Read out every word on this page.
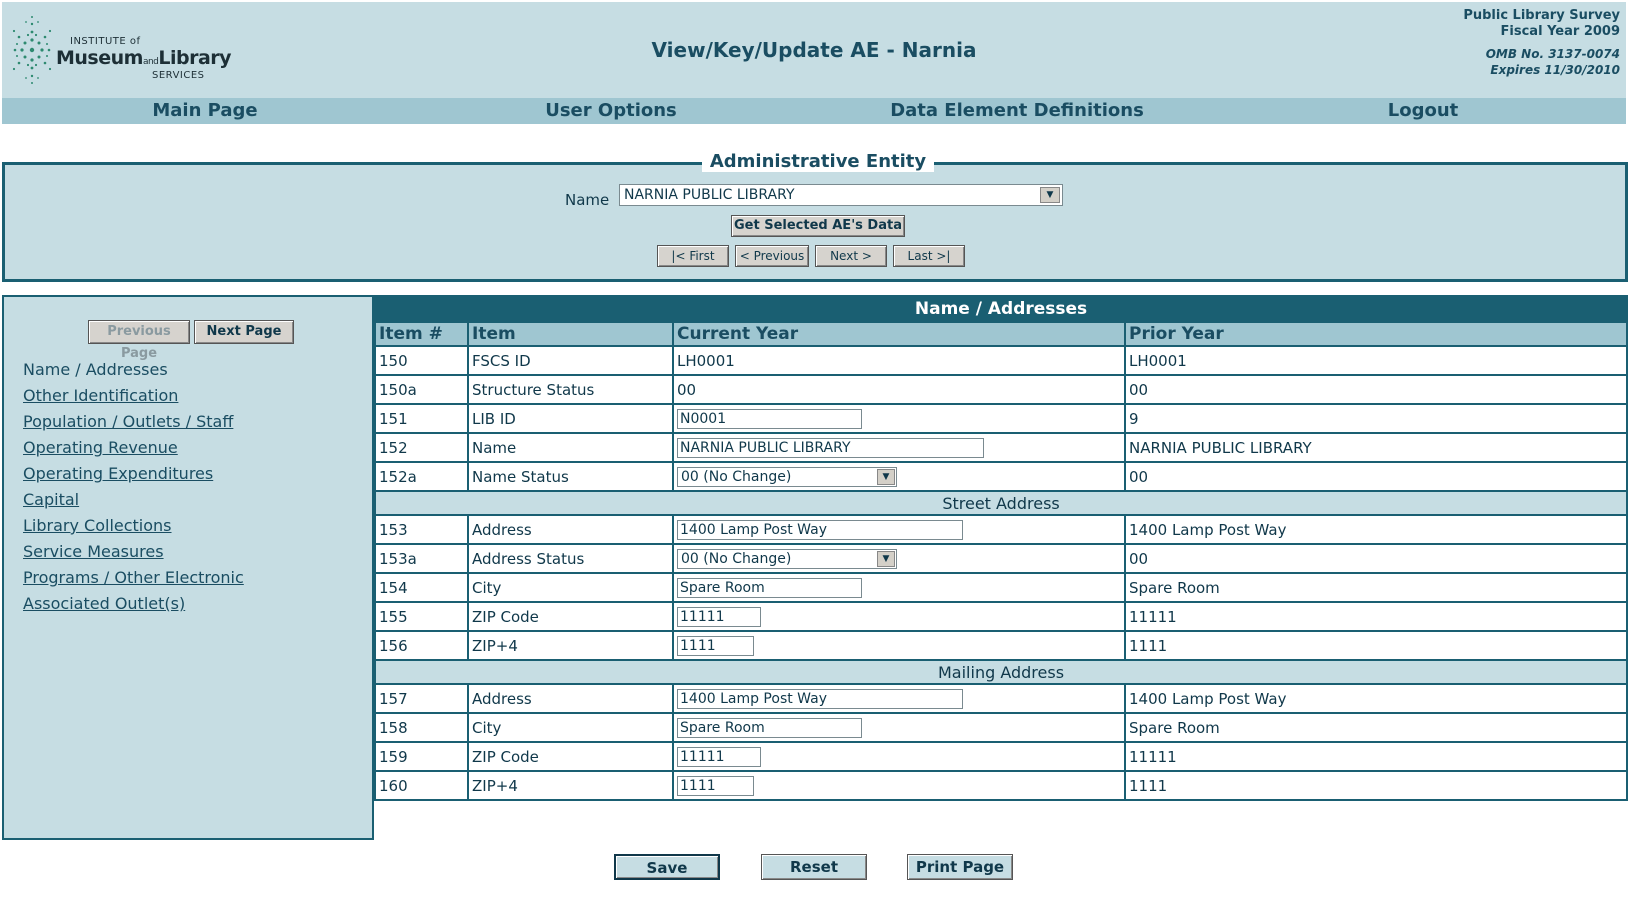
INSTITUTE of
MuseumandLibrary
SERVICES
View/Key/Update AE - Narnia
Public Library Survey
Fiscal Year 2009
OMB No. 3137-0074
Expires 11/30/2010
Main Page	User Options	Data Element Definitions	Logout
Administrative Entity
Name	NARNIA PUBLIC LIBRARY	▼
Get Selected AE's Data
|< First	< Previous	Next >	Last >|
Previous Page
Next Page
Name / Addresses
Other Identification
Population / Outlets / Staff
Operating Revenue
Operating Expenditures
Capital
Library Collections
Service Measures
Programs / Other Electronic
Associated Outlet(s)
Name / Addresses			
Item #	Item	Current Year	Prior Year
150	FSCS ID	LH0001	LH0001
150a	Structure Status	00	00
151	LIB ID	N0001	9
152	Name	NARNIA PUBLIC LIBRARY	NARNIA PUBLIC LIBRARY
152a	Name Status	00 (No Change) ▼	00
Street Address			
153	Address	1400 Lamp Post Way	1400 Lamp Post Way
153a	Address Status	00 (No Change) ▼	00
154	City	Spare Room	Spare Room
155	ZIP Code	11111	11111
156	ZIP+4	1111	1111
Mailing Address			
157	Address	1400 Lamp Post Way	1400 Lamp Post Way
158	City	Spare Room	Spare Room
159	ZIP Code	11111	11111
160	ZIP+4	1111	1111
Save	Reset	Print Page
